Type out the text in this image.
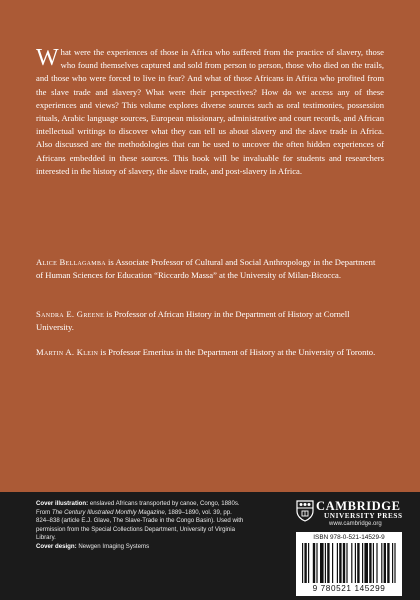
What were the experiences of those in Africa who suffered from the practice of slavery, those who found themselves captured and sold from person to person, those who died on the trails, and those who were forced to live in fear? And what of those Africans in Africa who profited from the slave trade and slavery? What were their perspectives? How do we access any of these experiences and views? This volume explores diverse sources such as oral testimonies, possession rituals, Arabic language sources, European missionary, administrative and court records, and African intellectual writings to discover what they can tell us about slavery and the slave trade in Africa. Also discussed are the methodologies that can be used to uncover the often hidden experiences of Africans embedded in these sources. This book will be invaluable for students and researchers interested in the history of slavery, the slave trade, and post-slavery in Africa.

Alice Bellagamba is Associate Professor of Cultural and Social Anthropology in the Department of Human Sciences for Education “Riccardo Massa” at the University of Milan-Bicocca.

Sandra E. Greene is Professor of African History in the Department of History at Cornell University.

Martin A. Klein is Professor Emeritus in the Department of History at the University of Toronto.

Cover illustration: enslaved Africans transported by canoe, Congo, 1880s. From The Century Illustrated Monthly Magazine, 1889–1890, vol. 39, pp. 824–838 (article E.J. Glave, The Slave-Trade in the Congo Basin). Used with permission from the Special Collections Department, University of Virginia Library.
Cover design: Newgen Imaging Systems
CAMBRIDGE
UNIVERSITY PRESS
www.cambridge.org
ISBN 978-0-521-14529-9
9 780521 145299
